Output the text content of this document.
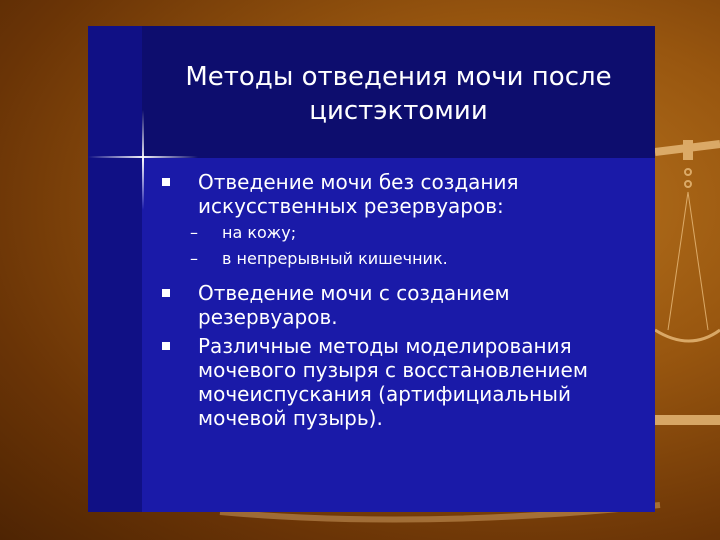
Методы отведения мочи после цистэктомии
Отведение мочи без создания искусственных резервуаров:
– на кожу;
– в непрерывный кишечник.
Отведение мочи с созданием резервуаров.
Различные методы моделирования мочевого пузыря с восстановлением мочеиспускания (артифициальный мочевой пузырь).
